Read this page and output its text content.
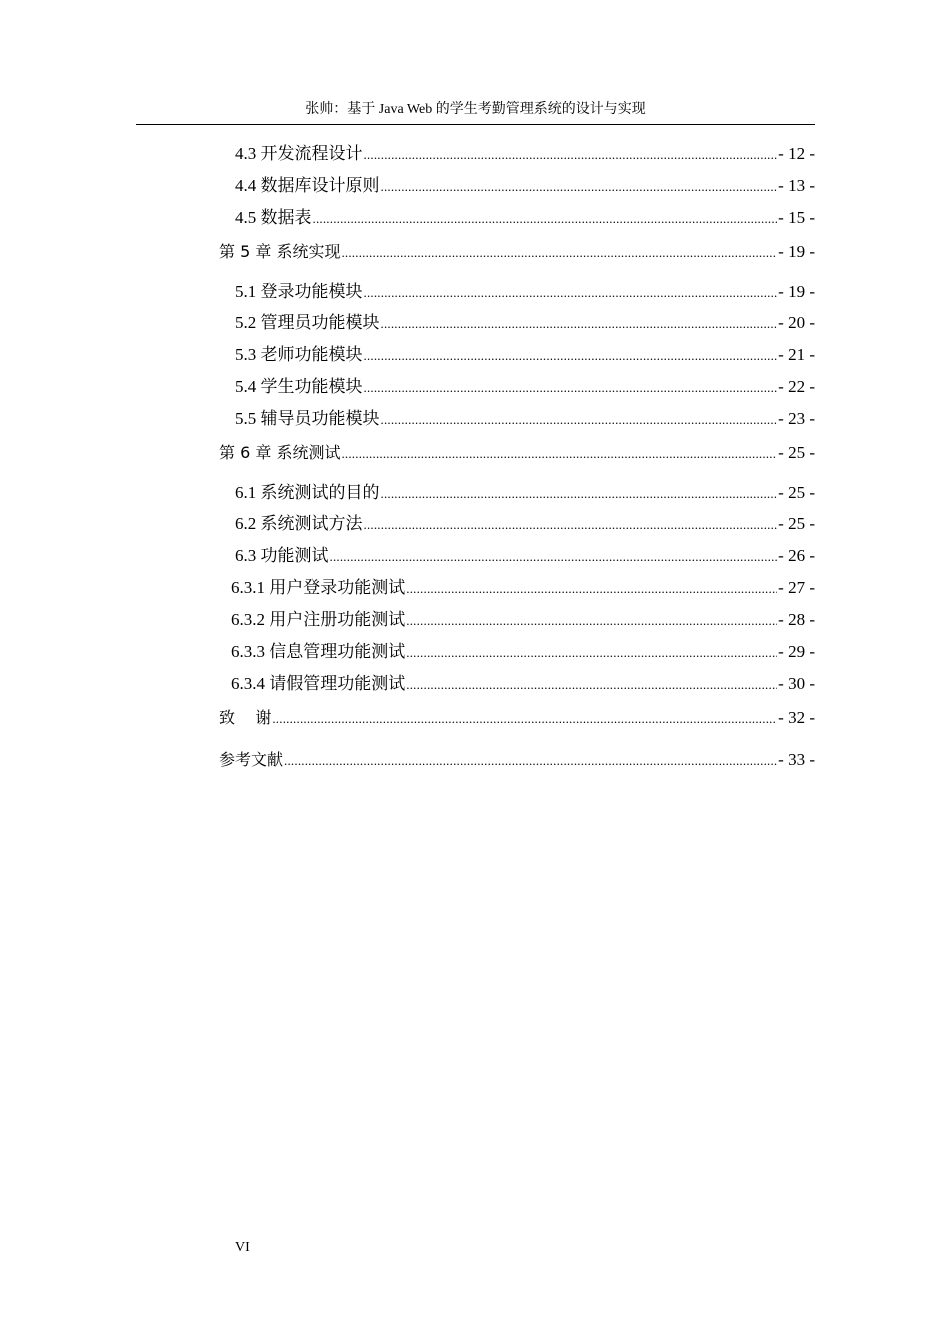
张帅：基于 Java Web 的学生考勤管理系统的设计与实现
4.3 开发流程设计 .....	- 12 -
4.4 数据库设计原则 .....	- 13 -
4.5 数据表 .....	- 15 -
第 5 章 系统实现 .....	- 19 -
5.1 登录功能模块 .....	- 19 -
5.2 管理员功能模块 .....	- 20 -
5.3 老师功能模块 .....	- 21 -
5.4 学生功能模块 .....	- 22 -
5.5 辅导员功能模块 .....	- 23 -
第 6 章 系统测试 .....	- 25 -
6.1 系统测试的目的 .....	- 25 -
6.2 系统测试方法 .....	- 25 -
6.3 功能测试 .....	- 26 -
6.3.1 用户登录功能测试 .....	- 27 -
6.3.2 用户注册功能测试 .....	- 28 -
6.3.3 信息管理功能测试 .....	- 29 -
6.3.4 请假管理功能测试 .....	- 30 -
致    谢 .....	- 32 -
参考文献 .....	- 33 -
VI
